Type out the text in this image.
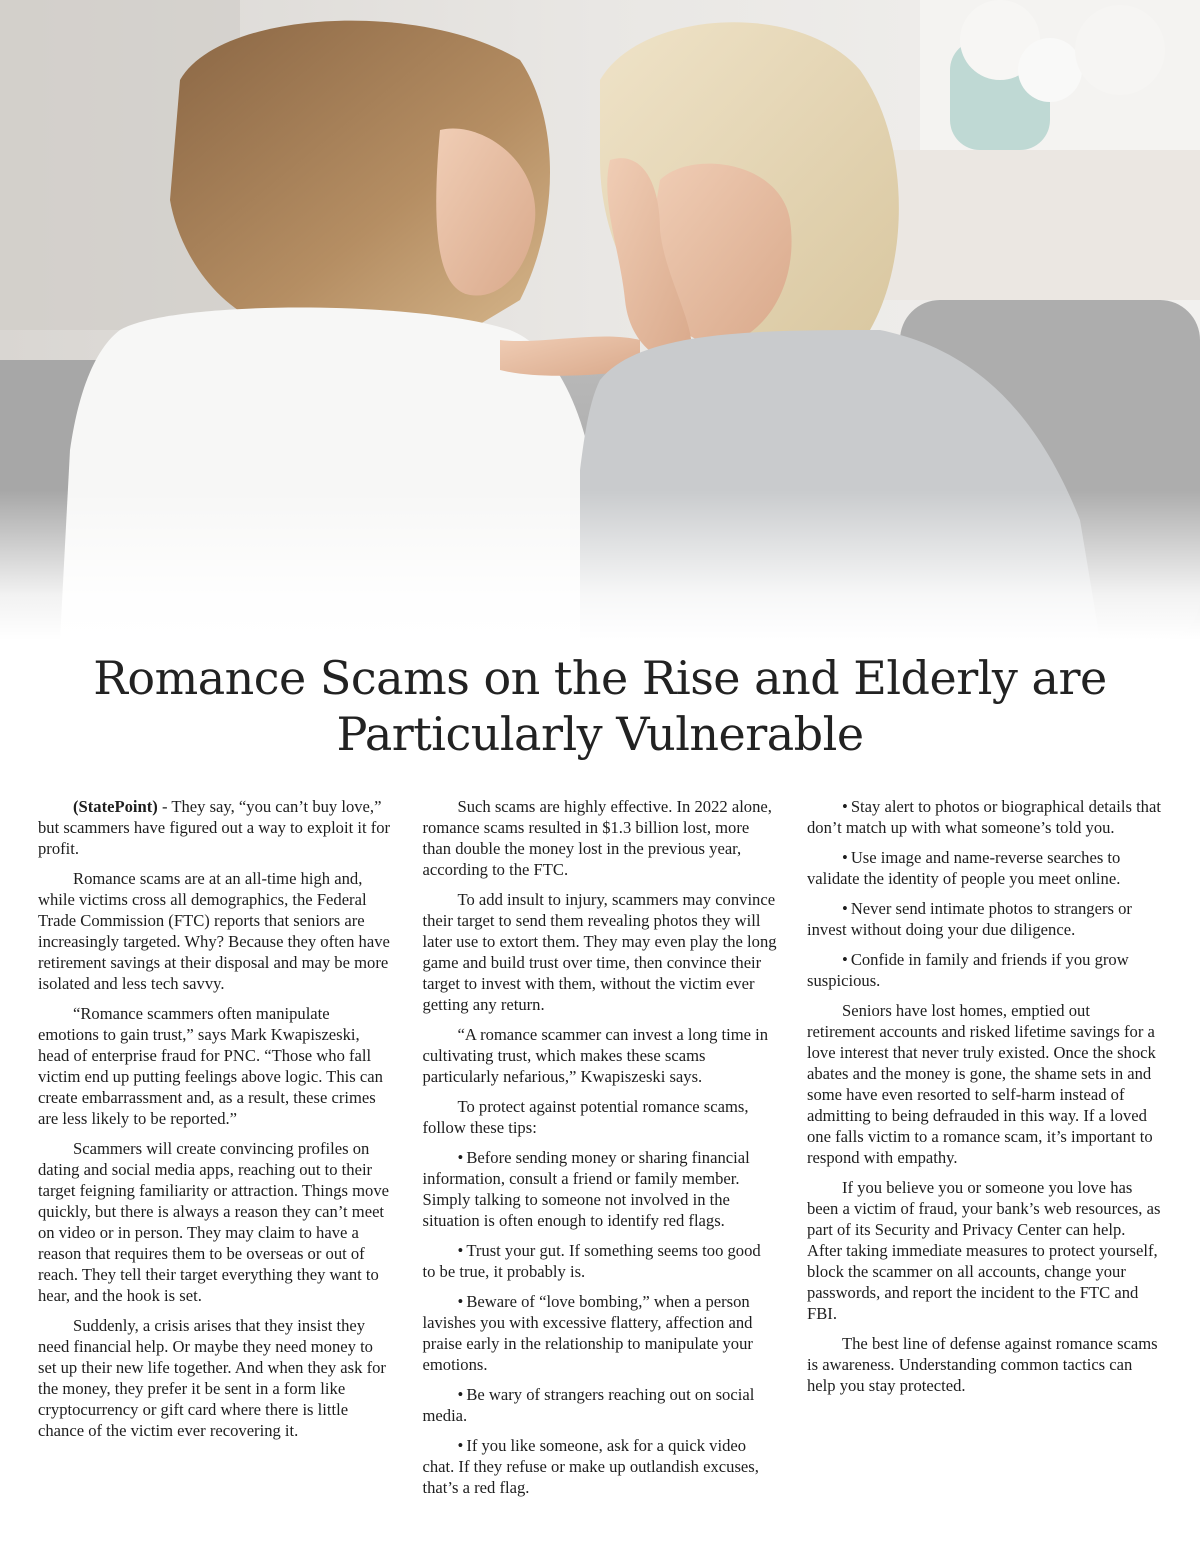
Romance Scams on the Rise and Elderly are Particularly Vulnerable

(StatePoint) - They say, “you can’t buy love,” but scammers have figured out a way to exploit it for profit.

Romance scams are at an all-time high and, while victims cross all demographics, the Federal Trade Commission (FTC) reports that seniors are increasingly targeted. Why? Because they often have retirement savings at their disposal and may be more isolated and less tech savvy.

“Romance scammers often manipulate emotions to gain trust,” says Mark Kwapiszeski, head of enterprise fraud for PNC. “Those who fall victim end up putting feelings above logic. This can create embarrassment and, as a result, these crimes are less likely to be reported.”

Scammers will create convincing profiles on dating and social media apps, reaching out to their target feigning familiarity or attraction. Things move quickly, but there is always a reason they can’t meet on video or in person. They may claim to have a reason that requires them to be overseas or out of reach. They tell their target everything they want to hear, and the hook is set.

Suddenly, a crisis arises that they insist they need financial help. Or maybe they need money to set up their new life together. And when they ask for the money, they prefer it be sent in a form like cryptocurrency or gift card where there is little chance of the victim ever recovering it.

Such scams are highly effective. In 2022 alone, romance scams resulted in $1.3 billion lost, more than double the money lost in the previous year, according to the FTC.

To add insult to injury, scammers may convince their target to send them revealing photos they will later use to extort them. They may even play the long game and build trust over time, then convince their target to invest with them, without the victim ever getting any return.

“A romance scammer can invest a long time in cultivating trust, which makes these scams particularly nefarious,” Kwapiszeski says.

To protect against potential romance scams, follow these tips:

• Before sending money or sharing financial information, consult a friend or family member. Simply talking to someone not involved in the situation is often enough to identify red flags.

• Trust your gut. If something seems too good to be true, it probably is.

• Beware of “love bombing,” when a person lavishes you with excessive flattery, affection and praise early in the relationship to manipulate your emotions.

• Be wary of strangers reaching out on social media.

• If you like someone, ask for a quick video chat. If they refuse or make up outlandish excuses, that’s a red flag.

• Stay alert to photos or biographical details that don’t match up with what someone’s told you.

• Use image and name-reverse searches to validate the identity of people you meet online.

• Never send intimate photos to strangers or invest without doing your due diligence.

• Confide in family and friends if you grow suspicious.

Seniors have lost homes, emptied out retirement accounts and risked lifetime savings for a love interest that never truly existed. Once the shock abates and the money is gone, the shame sets in and some have even resorted to self-harm instead of admitting to being defrauded in this way. If a loved one falls victim to a romance scam, it’s important to respond with empathy.

If you believe you or someone you love has been a victim of fraud, your bank’s web resources, as part of its Security and Privacy Center can help. After taking immediate measures to protect yourself, block the scammer on all accounts, change your passwords, and report the incident to the FTC and FBI.

The best line of defense against romance scams is awareness. Understanding common tactics can help you stay protected.
